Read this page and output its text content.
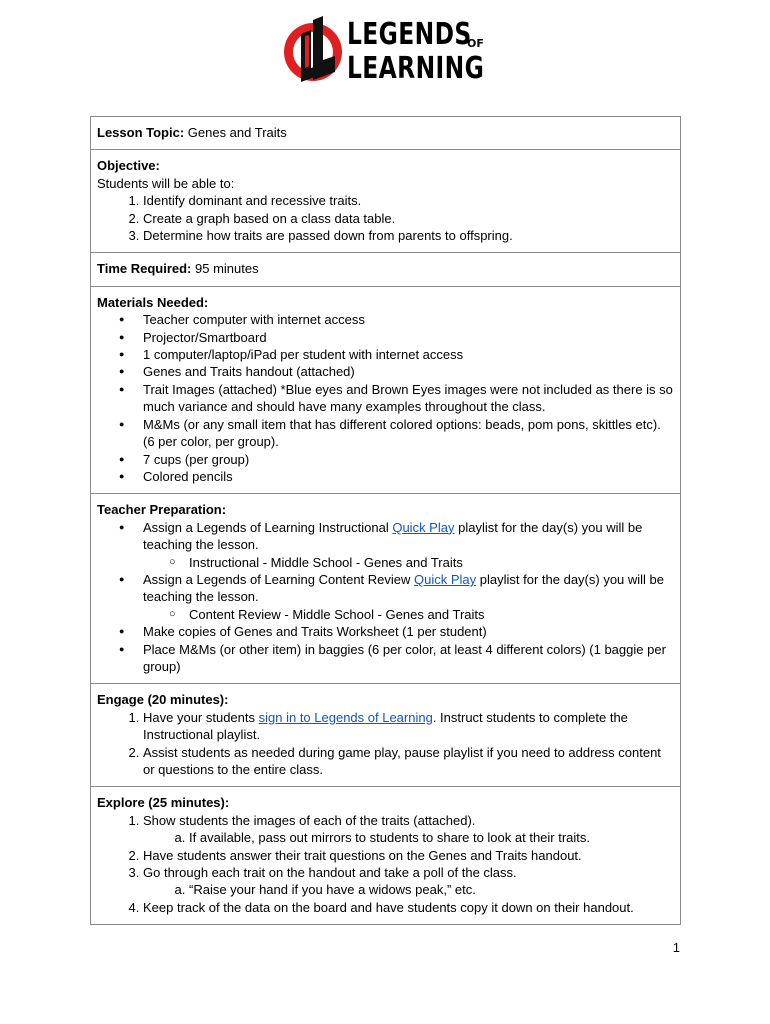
LEGENDS
OF
LEARNING
Lesson Topic: Genes and Traits

Objective:
Students will be able to:
1. Identify dominant and recessive traits.
2. Create a graph based on a class data table.
3. Determine how traits are passed down from parents to offspring.

Time Required: 95 minutes

Materials Needed:
● Teacher computer with internet access
● Projector/Smartboard
● 1 computer/laptop/iPad per student with internet access
● Genes and Traits handout (attached)
● Trait Images (attached) *Blue eyes and Brown Eyes images were not included as there is so much variance and should have many examples throughout the class.
● M&Ms (or any small item that has different colored options: beads, pom pons, skittles etc). (6 per color, per group).
● 7 cups (per group)
● Colored pencils

Teacher Preparation:
● Assign a Legends of Learning Instructional Quick Play playlist for the day(s) you will be teaching the lesson.
○ Instructional - Middle School - Genes and Traits
● Assign a Legends of Learning Content Review Quick Play playlist for the day(s) you will be teaching the lesson.
○ Content Review - Middle School - Genes and Traits
● Make copies of Genes and Traits Worksheet (1 per student)
● Place M&Ms (or other item) in baggies (6 per color, at least 4 different colors) (1 baggie per group)

Engage (20 minutes):
1. Have your students sign in to Legends of Learning. Instruct students to complete the Instructional playlist.
2. Assist students as needed during game play, pause playlist if you need to address content or questions to the entire class.

Explore (25 minutes):
1. Show students the images of each of the traits (attached).
a. If available, pass out mirrors to students to share to look at their traits.
2. Have students answer their trait questions on the Genes and Traits handout.
3. Go through each trait on the handout and take a poll of the class.
a. “Raise your hand if you have a widows peak,” etc.
4. Keep track of the data on the board and have students copy it down on their handout.
1
